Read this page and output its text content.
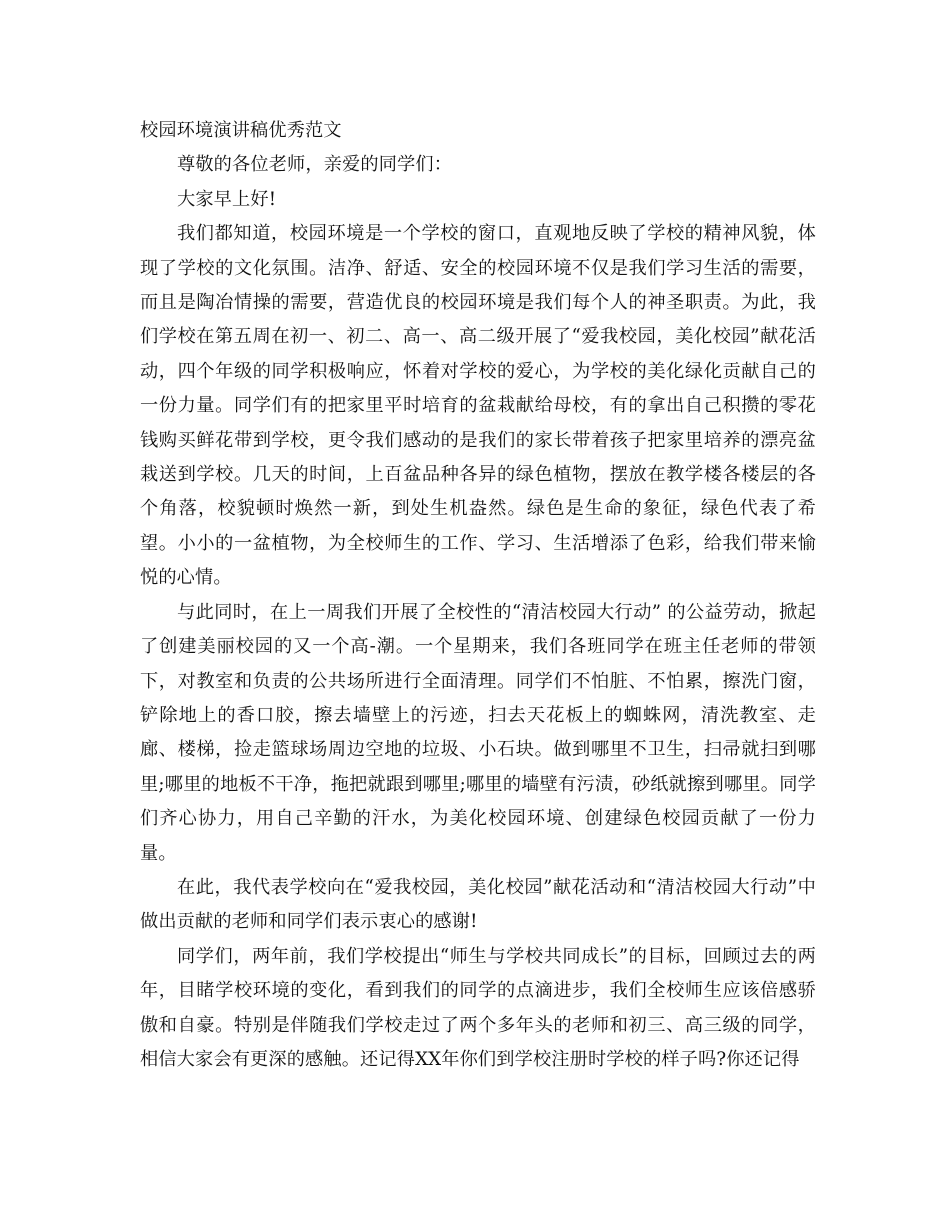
校园环境演讲稿优秀范文

尊敬的各位老师，亲爱的同学们：

大家早上好!

我们都知道，校园环境是一个学校的窗口，直观地反映了学校的精神风貌，体现了学校的文化氛围。洁净、舒适、安全的校园环境不仅是我们学习生活的需要，而且是陶冶情操的需要，营造优良的校园环境是我们每个人的神圣职责。为此，我们学校在第五周在初一、初二、高一、高二级开展了“爱我校园，美化校园”献花活动，四个年级的同学积极响应，怀着对学校的爱心，为学校的美化绿化贡献自己的一份力量。同学们有的把家里平时培育的盆栽献给母校，有的拿出自己积攒的零花钱购买鲜花带到学校，更令我们感动的是我们的家长带着孩子把家里培养的漂亮盆栽送到学校。几天的时间，上百盆品种各异的绿色植物，摆放在教学楼各楼层的各个角落，校貌顿时焕然一新，到处生机盎然。绿色是生命的象征，绿色代表了希望。小小的一盆植物，为全校师生的工作、学习、生活增添了色彩，给我们带来愉悦的心情。

与此同时，在上一周我们开展了全校性的“清洁校园大行动” 的公益劳动，掀起了创建美丽校园的又一个高-潮。一个星期来，我们各班同学在班主任老师的带领下，对教室和负责的公共场所进行全面清理。同学们不怕脏、不怕累，擦洗门窗，铲除地上的香口胶，擦去墙壁上的污迹，扫去天花板上的蜘蛛网，清洗教室、走廊、楼梯，捡走篮球场周边空地的垃圾、小石块。做到哪里不卫生，扫帚就扫到哪里;哪里的地板不干净，拖把就跟到哪里;哪里的墙壁有污渍，砂纸就擦到哪里。同学们齐心协力，用自己辛勤的汗水，为美化校园环境、创建绿色校园贡献了一份力量。

在此，我代表学校向在“爱我校园，美化校园”献花活动和“清洁校园大行动”中做出贡献的老师和同学们表示衷心的感谢!

同学们，两年前，我们学校提出“师生与学校共同成长”的目标，回顾过去的两年，目睹学校环境的变化，看到我们的同学的点滴进步，我们全校师生应该倍感骄傲和自豪。特别是伴随我们学校走过了两个多年头的老师和初三、高三级的同学，相信大家会有更深的感触。还记得XX年你们到学校注册时学校的样子吗?你还记得
